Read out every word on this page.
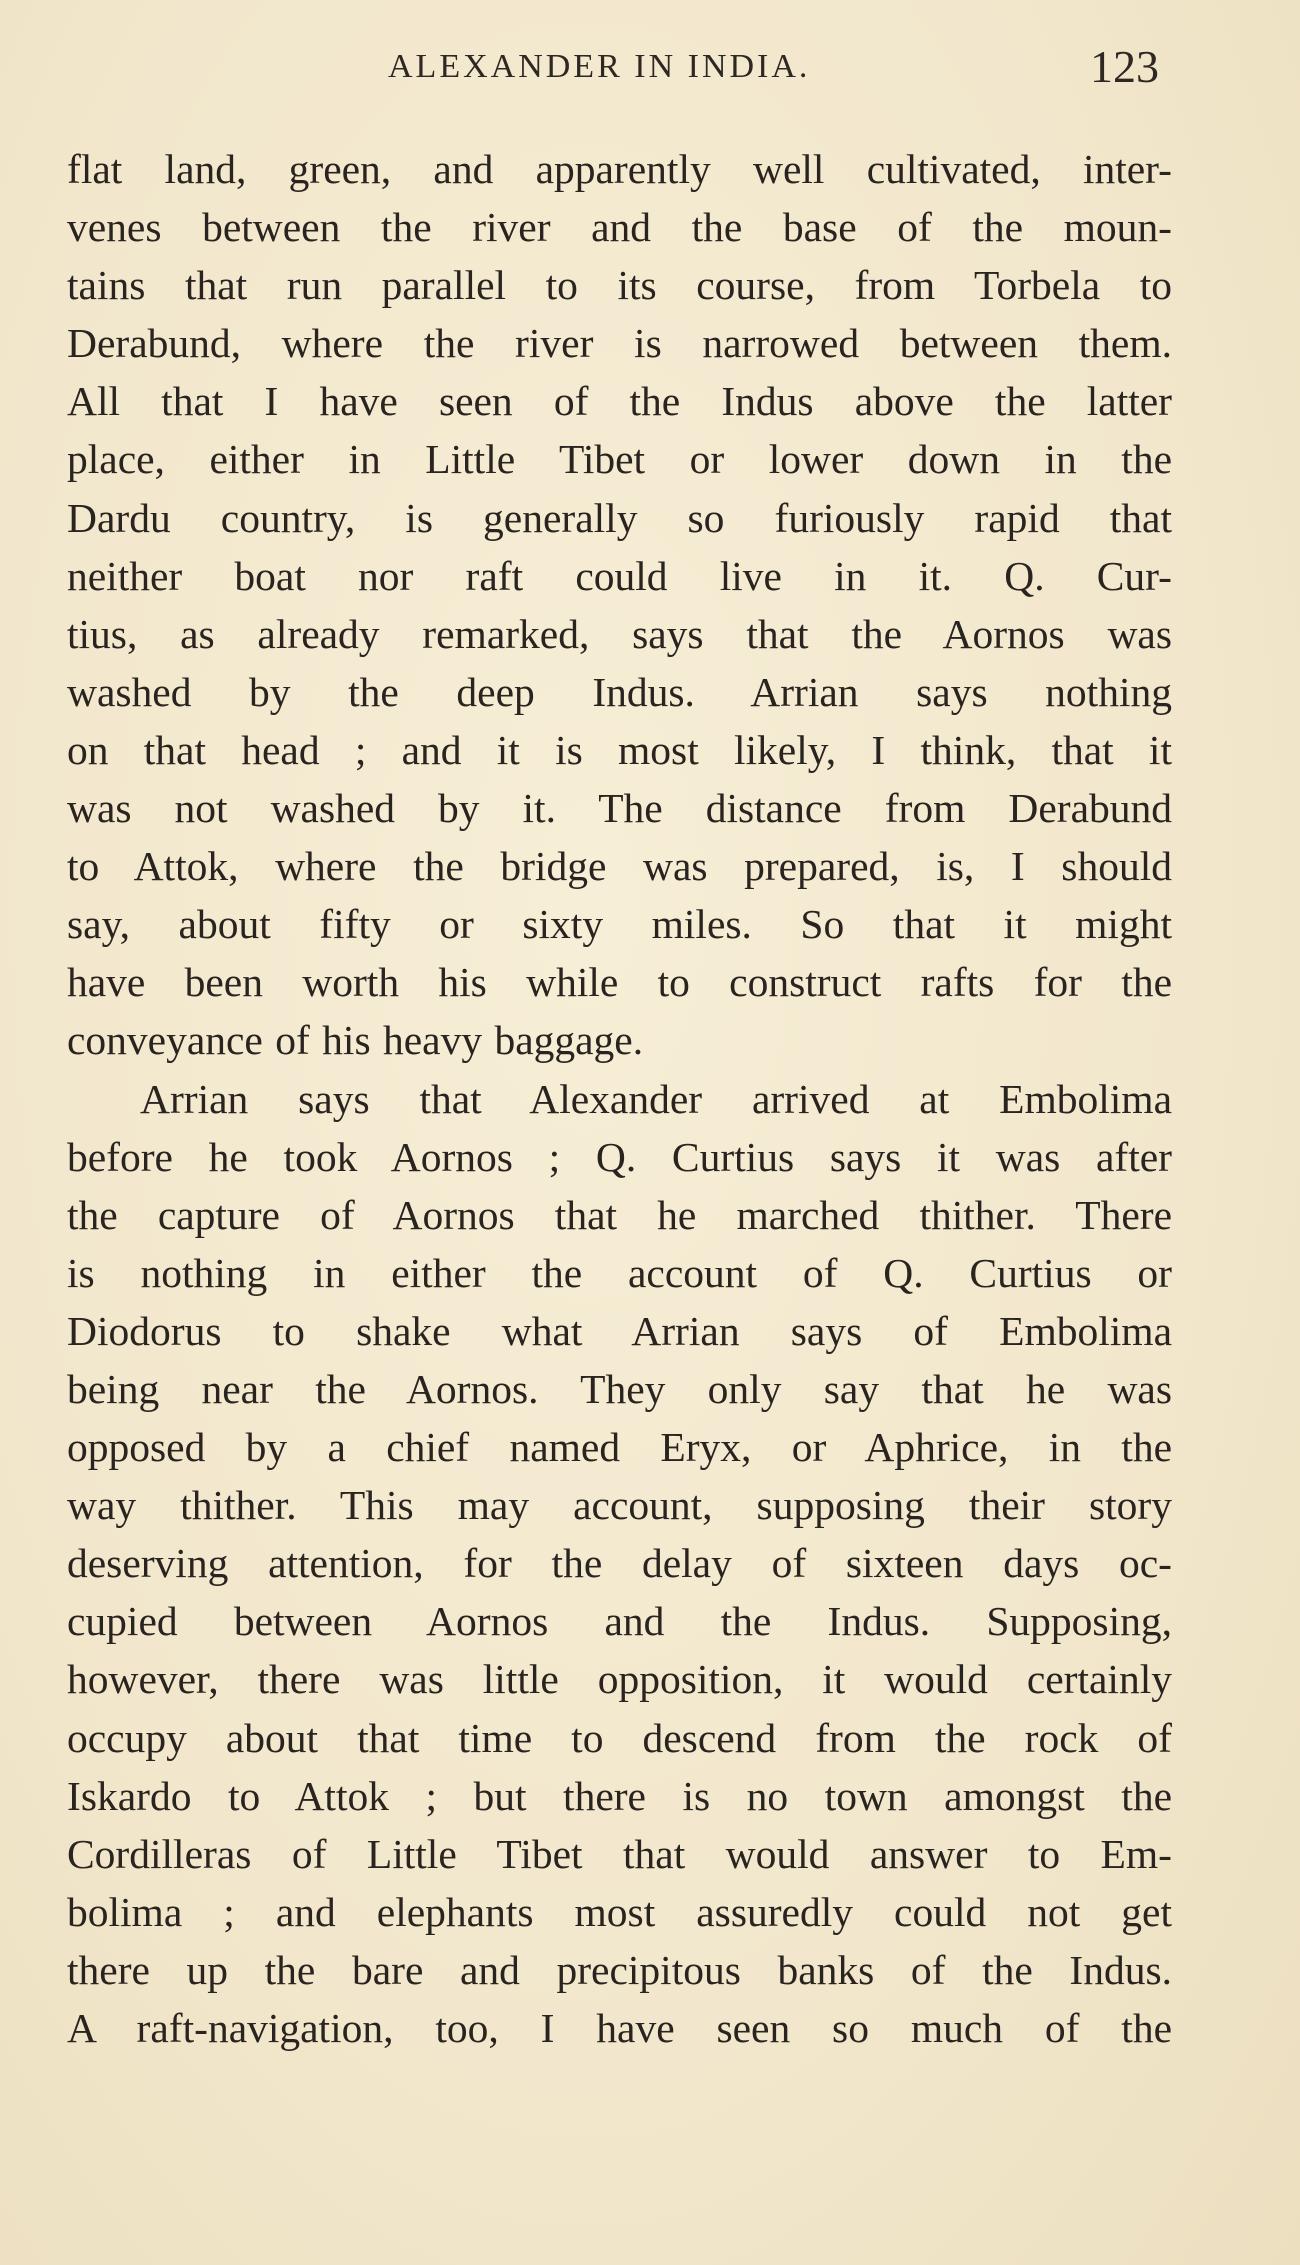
ALEXANDER IN INDIA.	123
flat land, green, and apparently well cultivated, inter-
venes between the river and the base of the moun-
tains that run parallel to its course, from Torbela to
Derabund, where the river is narrowed between them.
All that I have seen of the Indus above the latter
place, either in Little Tibet or lower down in the
Dardu country, is generally so furiously rapid that
neither boat nor raft could live in it. Q. Cur-
tius, as already remarked, says that the Aornos was
washed by the deep Indus. Arrian says nothing
on that head ; and it is most likely, I think, that it
was not washed by it. The distance from Derabund
to Attok, where the bridge was prepared, is, I should
say, about fifty or sixty miles. So that it might
have been worth his while to construct rafts for the
conveyance of his heavy baggage.
Arrian says that Alexander arrived at Embolima
before he took Aornos ; Q. Curtius says it was after
the capture of Aornos that he marched thither. There
is nothing in either the account of Q. Curtius or
Diodorus to shake what Arrian says of Embolima
being near the Aornos. They only say that he was
opposed by a chief named Eryx, or Aphrice, in the
way thither. This may account, supposing their story
deserving attention, for the delay of sixteen days oc-
cupied between Aornos and the Indus. Supposing,
however, there was little opposition, it would certainly
occupy about that time to descend from the rock of
Iskardo to Attok ; but there is no town amongst the
Cordilleras of Little Tibet that would answer to Em-
bolima ; and elephants most assuredly could not get
there up the bare and precipitous banks of the Indus.
A raft-navigation, too, I have seen so much of the
